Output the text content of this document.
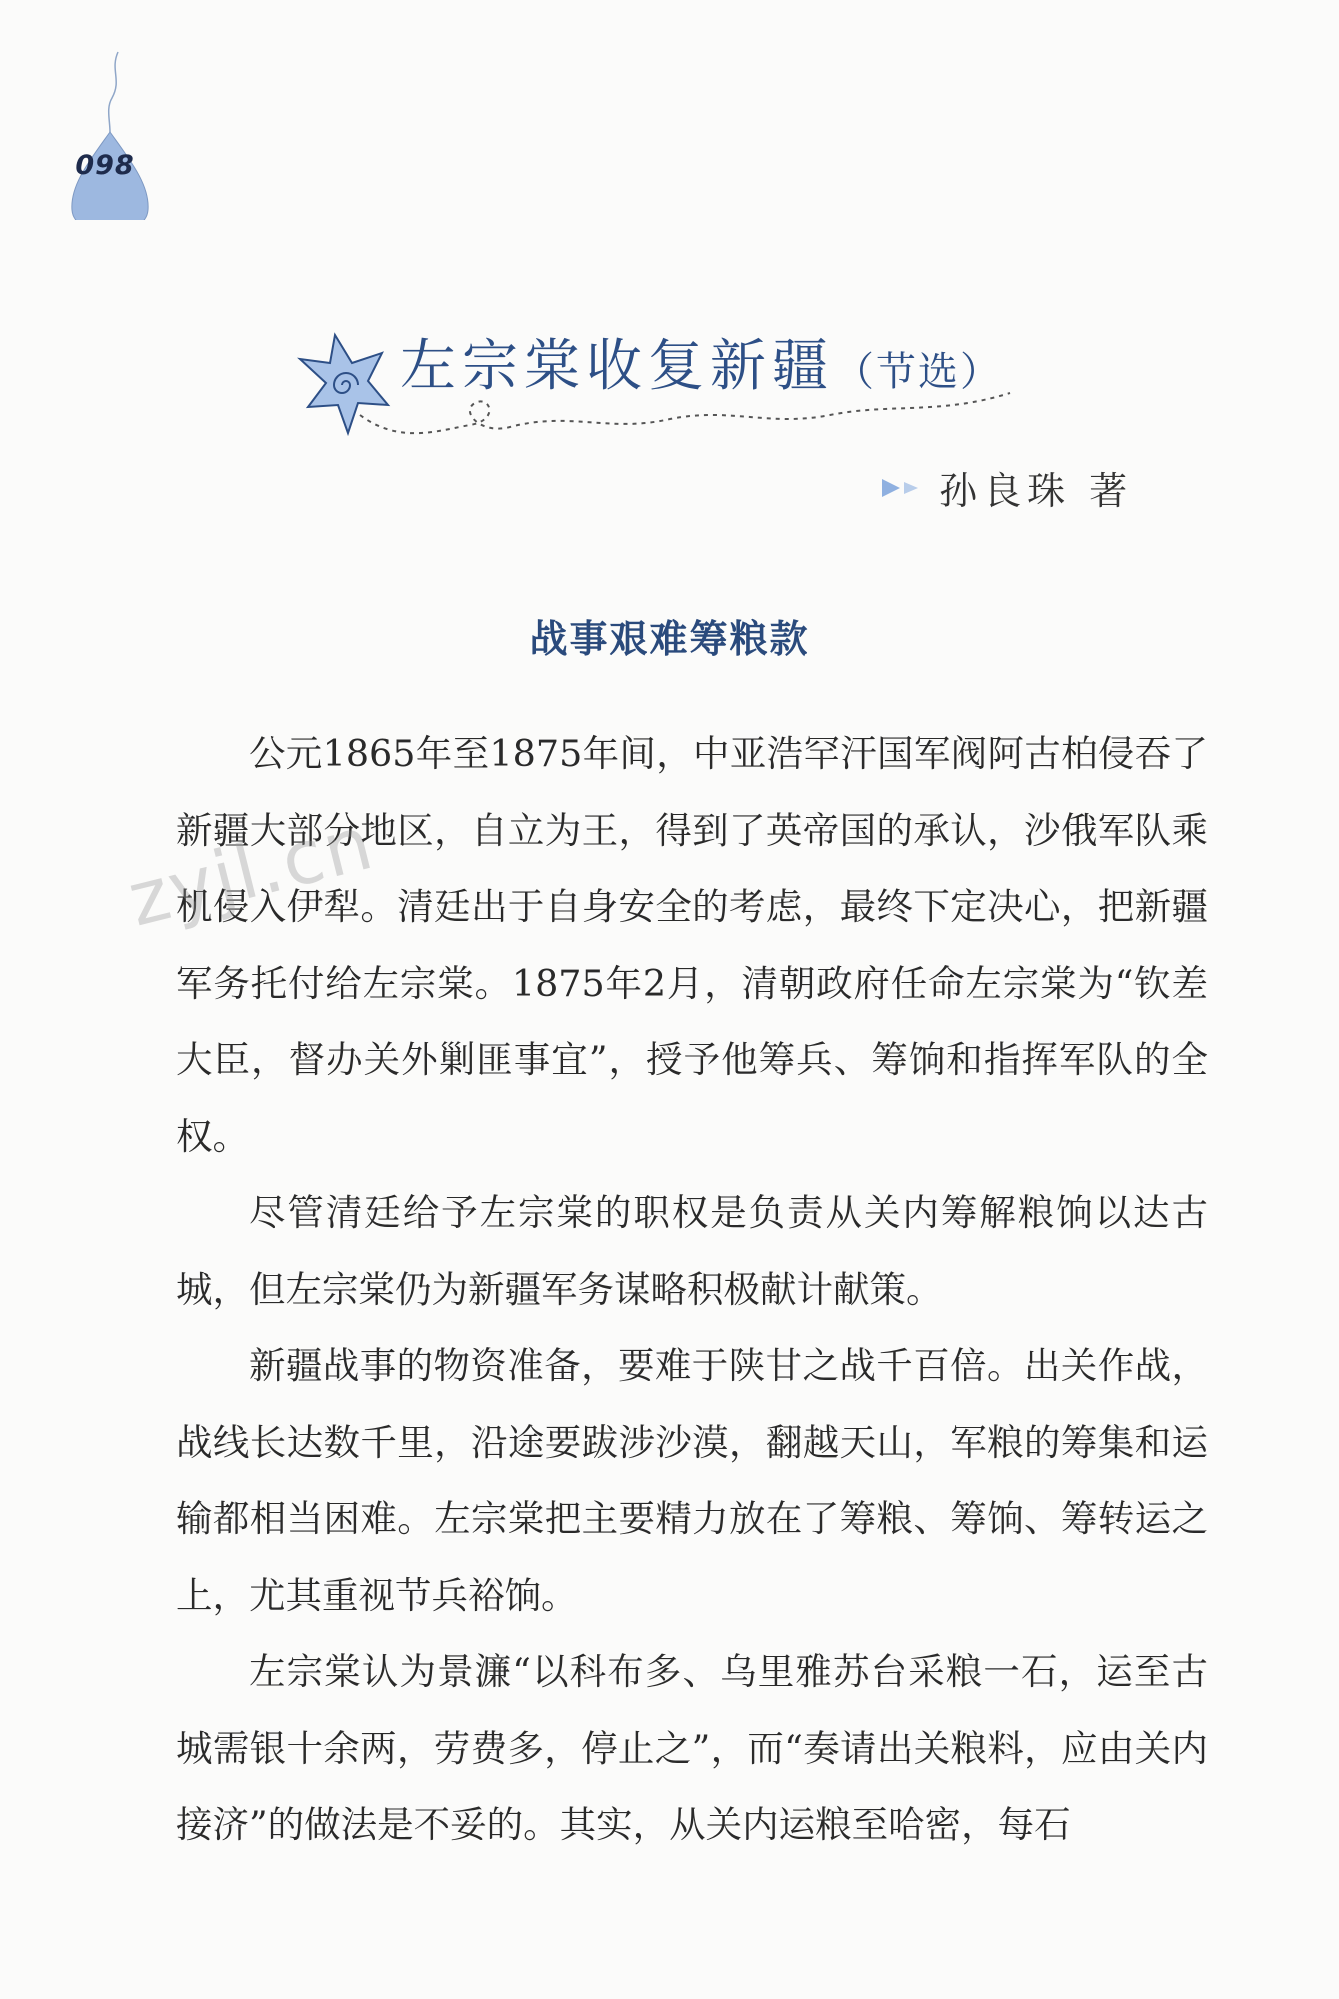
098
左宗棠收复新疆（节选）
孙良珠 著
战事艰难筹粮款

公元1865年至1875年间，中亚浩罕汗国军阀阿古柏侵吞了新疆大部分地区，自立为王，得到了英帝国的承认，沙俄军队乘机侵入伊犁。清廷出于自身安全的考虑，最终下定决心，把新疆军务托付给左宗棠。1875年2月，清朝政府任命左宗棠为“钦差大臣，督办关外剿匪事宜”，授予他筹兵、筹饷和指挥军队的全权。

尽管清廷给予左宗棠的职权是负责从关内筹解粮饷以达古城，但左宗棠仍为新疆军务谋略积极献计献策。

新疆战事的物资准备，要难于陕甘之战千百倍。出关作战，战线长达数千里，沿途要跋涉沙漠，翻越天山，军粮的筹集和运输都相当困难。左宗棠把主要精力放在了筹粮、筹饷、筹转运之上，尤其重视节兵裕饷。

左宗棠认为景濂“以科布多、乌里雅苏台采粮一石，运至古城需银十余两，劳费多，停止之”，而“奏请出关粮料，应由关内接济”的做法是不妥的。其实，从关内运粮至哈密，每石

zyjl.cn
